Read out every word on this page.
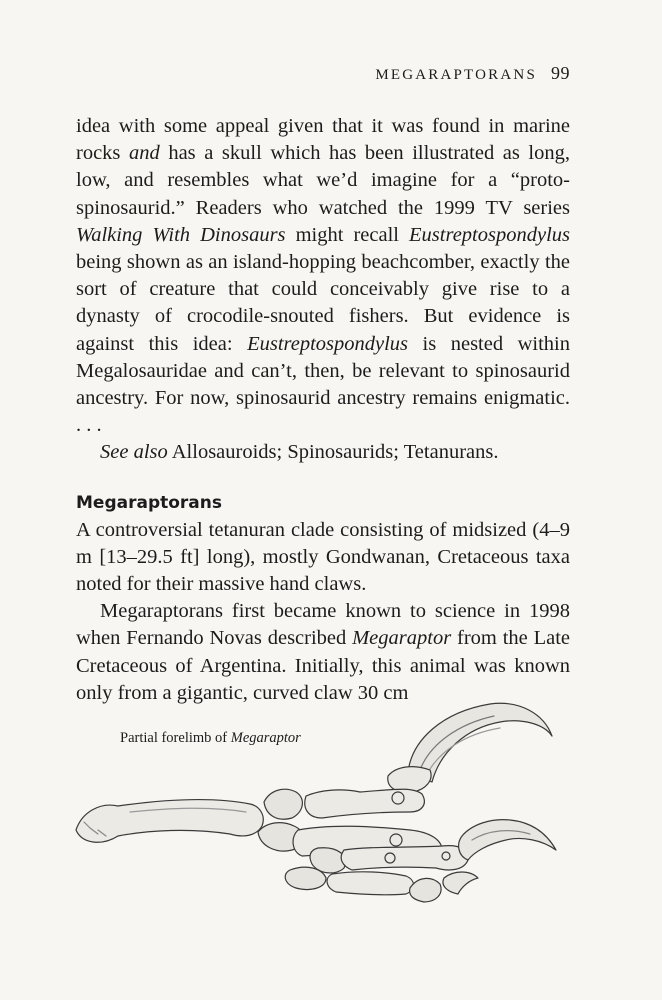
MEGARAPTORANS 99

idea with some appeal given that it was found in marine rocks and has a skull which has been illustrated as long, low, and resembles what we’d imagine for a “proto-spinosaurid.” Readers who watched the 1999 TV series Walking With Dinosaurs might recall Eustreptospondylus being shown as an island-hopping beachcomber, exactly the sort of creature that could conceivably give rise to a dynasty of crocodile-snouted fishers. But evidence is against this idea: Eustreptospondylus is nested within Megalosauridae and can’t, then, be relevant to spinosaurid ancestry. For now, spinosaurid ancestry remains enigmatic. . . .

See also Allosauroids; Spinosaurids; Tetanurans.

Megaraptorans

A controversial tetanuran clade consisting of midsized (4–9 m [13–29.5 ft] long), mostly Gondwanan, Cretaceous taxa noted for their massive hand claws.

Megaraptorans first became known to science in 1998 when Fernando Novas described Megaraptor from the Late Cretaceous of Argentina. Initially, this animal was known only from a gigantic, curved claw 30 cm

Partial forelimb of Megaraptor
